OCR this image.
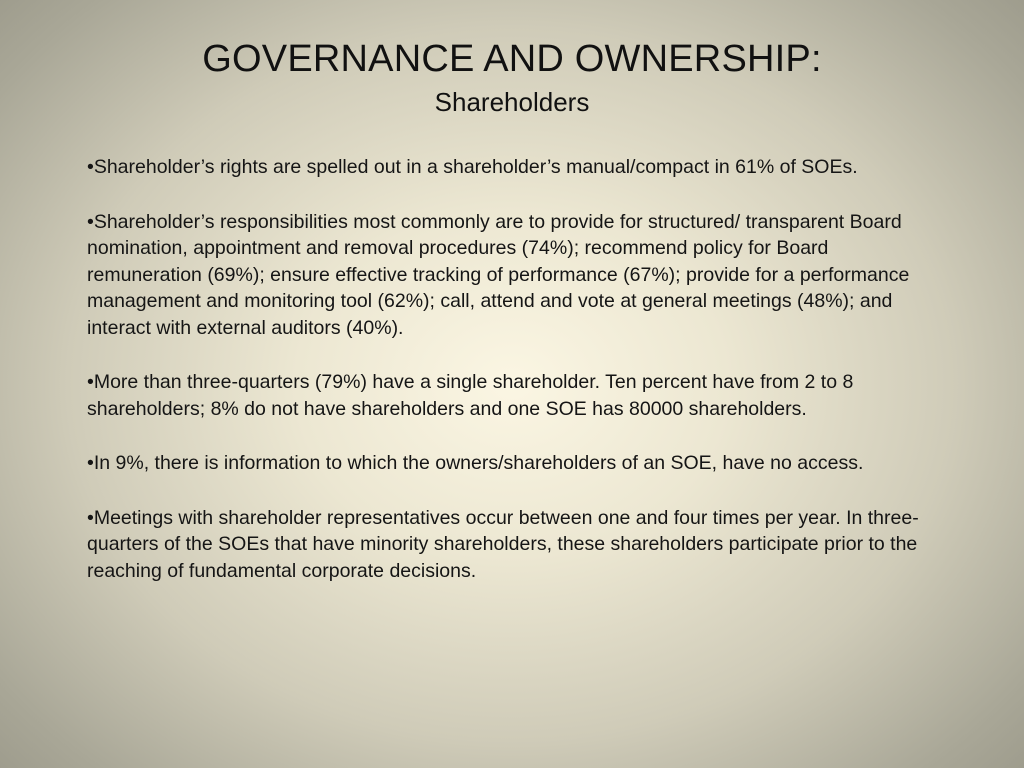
GOVERNANCE AND OWNERSHIP:
Shareholders

•Shareholder’s rights are spelled out in a shareholder’s manual/compact in 61% of SOEs.

•Shareholder’s responsibilities most commonly are to provide for structured/ transparent Board nomination, appointment and removal procedures (74%); recommend policy for Board remuneration (69%); ensure effective tracking of performance (67%); provide for a performance management and monitoring tool (62%); call, attend and vote at general meetings (48%); and interact with external auditors (40%).

•More than three-quarters (79%) have a single shareholder. Ten percent have from 2 to 8 shareholders; 8% do not have shareholders and one SOE has 80000 shareholders.

•In 9%, there is information to which the owners/shareholders of an SOE, have no access.

•Meetings with shareholder representatives occur between one and four times per year. In three-quarters of the SOEs that have minority shareholders, these shareholders participate prior to the reaching of fundamental corporate decisions.
